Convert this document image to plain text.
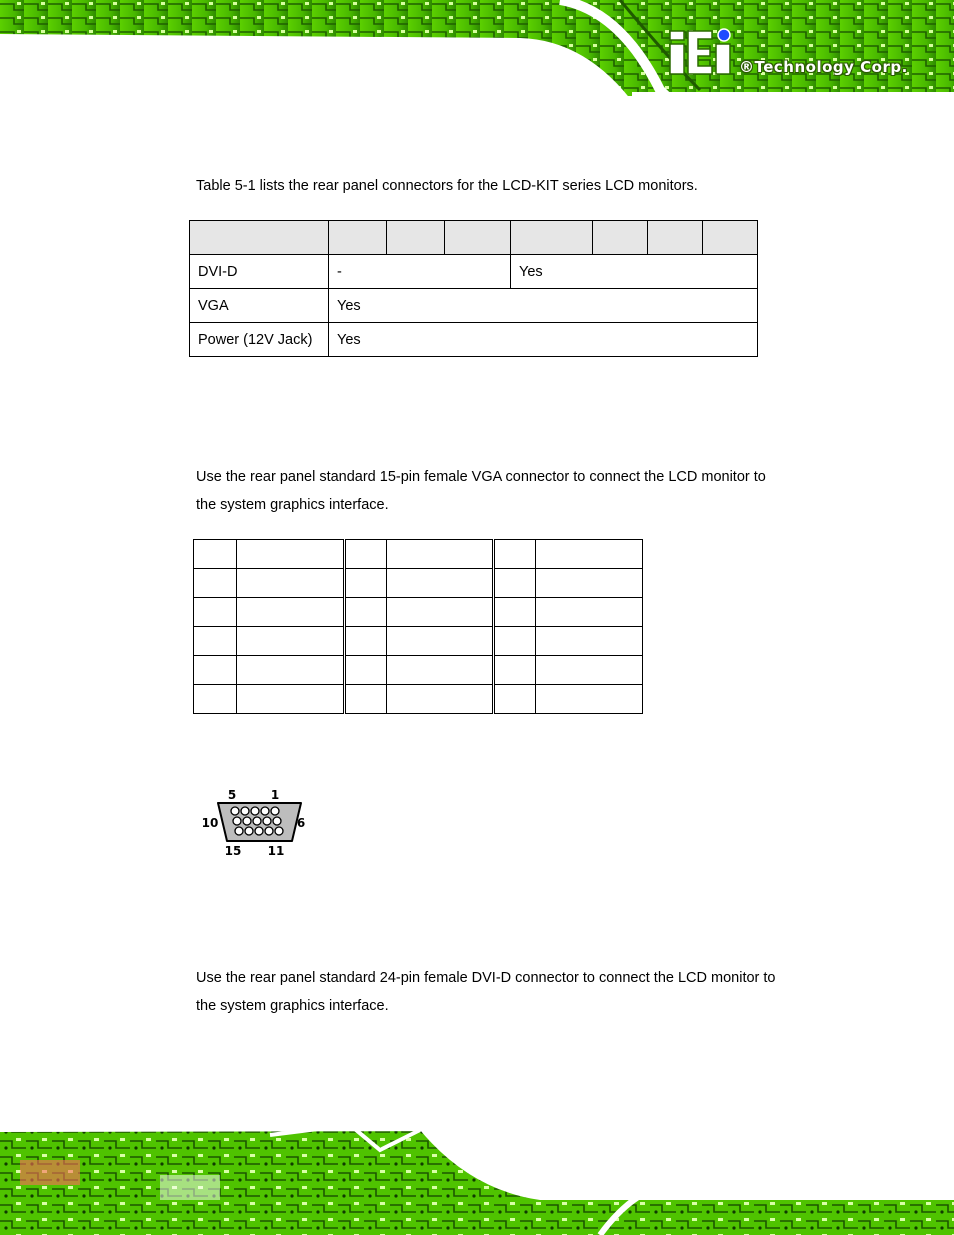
®Technology Corp.
Table 5-1 lists the rear panel connectors for the LCD-KIT series LCD monitors.

DVI-D	-			Yes			
VGA	Yes						
Power (12V Jack)	Yes						
Use the rear panel standard 15-pin female VGA connector to connect the LCD monitor to
the system graphics interface.

5	1
10	6
15 11
Use the rear panel standard 24-pin female DVI-D connector to connect the LCD monitor to
the system graphics interface.
